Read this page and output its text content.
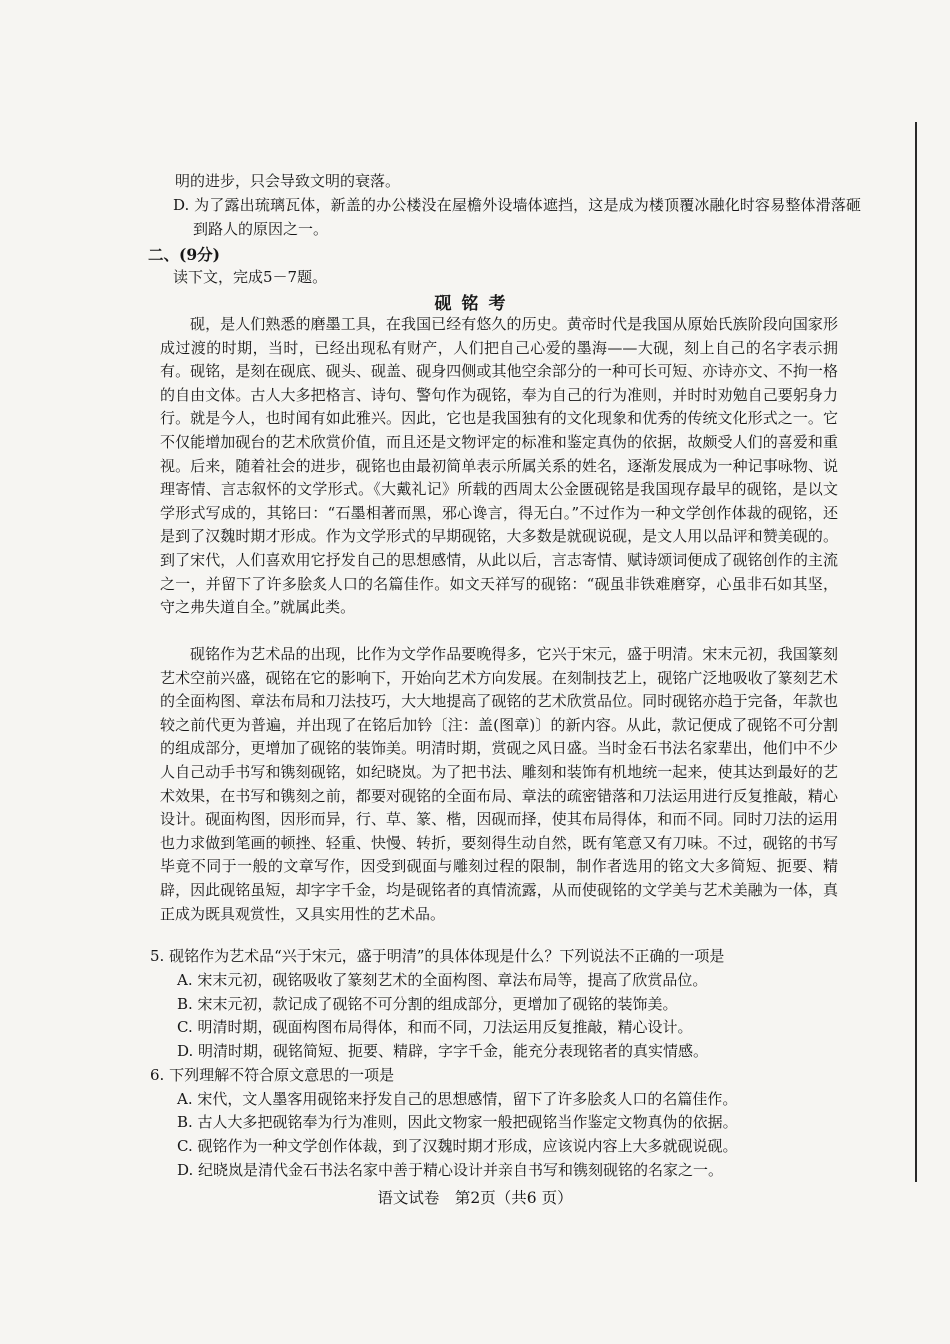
明的进步，只会导致文明的衰落。

D. 为了露出琉璃瓦体，新盖的办公楼没在屋檐外设墙体遮挡，这是成为楼顶覆冰融化时容易整体滑落砸到路人的原因之一。

二、(9分)

读下文，完成5－7题。

砚铭考

砚，是人们熟悉的磨墨工具，在我国已经有悠久的历史。黄帝时代是我国从原始氏族阶段向国家形成过渡的时期，当时，已经出现私有财产，人们把自己心爱的墨海——大砚，刻上自己的名字表示拥有。砚铭，是刻在砚底、砚头、砚盖、砚身四侧或其他空余部分的一种可长可短、亦诗亦文、不拘一格的自由文体。古人大多把格言、诗句、警句作为砚铭，奉为自己的行为准则，并时时劝勉自己要躬身力行。就是今人，也时闻有如此雅兴。因此，它也是我国独有的文化现象和优秀的传统文化形式之一。它不仅能增加砚台的艺术欣赏价值，而且还是文物评定的标准和鉴定真伪的依据，故颇受人们的喜爱和重视。后来，随着社会的进步，砚铭也由最初简单表示所属关系的姓名，逐渐发展成为一种记事咏物、说理寄情、言志叙怀的文学形式。《大戴礼记》所载的西周太公金匮砚铭是我国现存最早的砚铭，是以文学形式写成的，其铭曰：“石墨相著而黑，邪心谗言，得无白。”不过作为一种文学创作体裁的砚铭，还是到了汉魏时期才形成。作为文学形式的早期砚铭，大多数是就砚说砚，是文人用以品评和赞美砚的。到了宋代，人们喜欢用它抒发自己的思想感情，从此以后，言志寄情、赋诗颂词便成了砚铭创作的主流之一，并留下了许多脍炙人口的名篇佳作。如文天祥写的砚铭：“砚虽非铁难磨穿，心虽非石如其坚，守之弗失道自全。”就属此类。

砚铭作为艺术品的出现，比作为文学作品要晚得多，它兴于宋元，盛于明清。宋末元初，我国篆刻艺术空前兴盛，砚铭在它的影响下，开始向艺术方向发展。在刻制技艺上，砚铭广泛地吸收了篆刻艺术的全面构图、章法布局和刀法技巧，大大地提高了砚铭的艺术欣赏品位。同时砚铭亦趋于完备，年款也较之前代更为普遍，并出现了在铭后加钤〔注：盖(图章)〕的新内容。从此，款记便成了砚铭不可分割的组成部分，更增加了砚铭的装饰美。明清时期，赏砚之风日盛。当时金石书法名家辈出，他们中不少人自己动手书写和镌刻砚铭，如纪晓岚。为了把书法、雕刻和装饰有机地统一起来，使其达到最好的艺术效果，在书写和镌刻之前，都要对砚铭的全面布局、章法的疏密错落和刀法运用进行反复推敲，精心设计。砚面构图，因形而异，行、草、篆、楷，因砚而择，使其布局得体，和而不同。同时刀法的运用也力求做到笔画的顿挫、轻重、快慢、转折，要刻得生动自然，既有笔意又有刀味。不过，砚铭的书写毕竟不同于一般的文章写作，因受到砚面与雕刻过程的限制，制作者选用的铭文大多简短、扼要、精辟，因此砚铭虽短，却字字千金，均是砚铭者的真情流露，从而使砚铭的文学美与艺术美融为一体，真正成为既具观赏性，又具实用性的艺术品。

5. 砚铭作为艺术品“兴于宋元，盛于明清”的具体体现是什么？下列说法不正确的一项是

A. 宋末元初，砚铭吸收了篆刻艺术的全面构图、章法布局等，提高了欣赏品位。

B. 宋末元初，款记成了砚铭不可分割的组成部分，更增加了砚铭的装饰美。

C. 明清时期，砚面构图布局得体，和而不同，刀法运用反复推敲，精心设计。

D. 明清时期，砚铭简短、扼要、精辟，字字千金，能充分表现铭者的真实情感。

6. 下列理解不符合原文意思的一项是

A. 宋代，文人墨客用砚铭来抒发自己的思想感情，留下了许多脍炙人口的名篇佳作。

B. 古人大多把砚铭奉为行为准则，因此文物家一般把砚铭当作鉴定文物真伪的依据。

C. 砚铭作为一种文学创作体裁，到了汉魏时期才形成，应该说内容上大多就砚说砚。

D. 纪晓岚是清代金石书法名家中善于精心设计并亲自书写和镌刻砚铭的名家之一。

语文试卷　第2页（共6 页）
